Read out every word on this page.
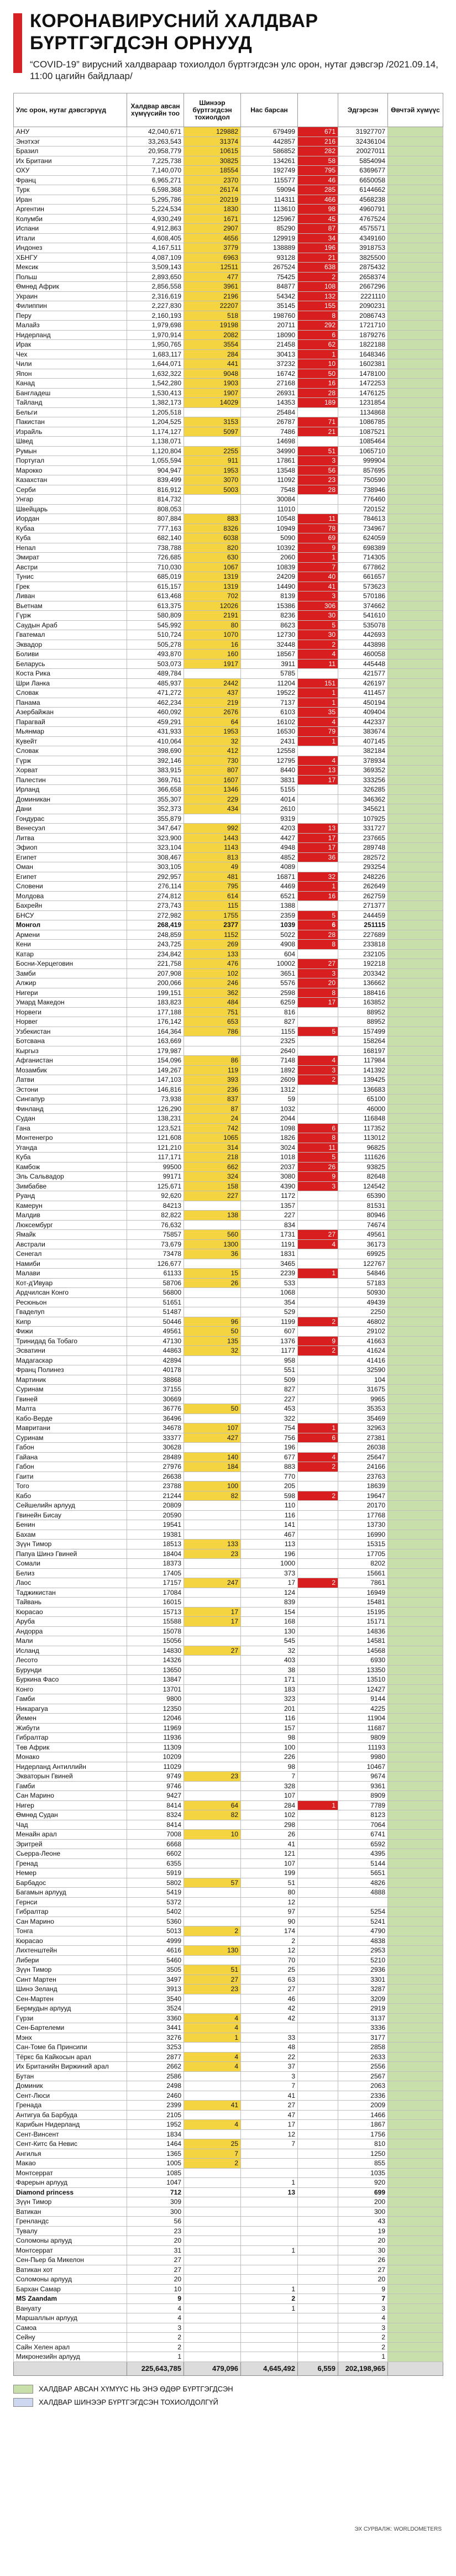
КОРОНАВИРУСНИЙ ХАЛДВАР
БҮРТГЭГДСЭН ОРНУУД
“COVID-19” вирусний халдвараар тохиолдол бүртгэгдсэн улс орон, нутаг дэвсгэр /2021.09.14, 11:00 цагийн байдлаар/
Улс орон, нутаг дэвсгэрүүд	Халдвар авсан хүмүүсийн тоо	Шинээр бүртгэгдсэн тохиолдол	Нас барсан	Шинээр нас барсан	Эдгэрсэн	Өвчтэй хүмүүс
АНУ	42,040,671	129882	679499	671	31927707	
Энэтхэг	33,263,543	31374	442857	216	32436104	
Бразил	20,958,779	10615	586852	282	20027011	
Их Британи	7,225,738	30825	134261	58	5854094	
ОХУ	7,140,070	18554	192749	795	6369677	
Франц	6,965,271	2370	115577	46	6650058	
Турк	6,598,368	26174	59094	285	6144662	
Иран	5,295,786	20219	114311	466	4568238	
Аргентин	5,224,534	1830	113610	98	4960791	
Колумби	4,930,249	1671	125967	45	4767524	
Испани	4,912,863	2907	85290	87	4575571	
Итали	4,608,405	4656	129919	34	4349160	
Индонез	4,167,511	3779	138889	196	3918753	
ХБНГУ	4,087,109	6963	93128	21	3825500	
Мексик	3,509,143	12511	267524	638	2875432	
Польш	2,893,650	477	75425	2	2658374	
Өмнөд Африк	2,856,558	3961	84877	108	2667296	
Украин	2,316,619	2196	54342	132	2221110	
Филиппин	2,227,830	22207	35145	155	2090231	
Перу	2,160,193	518	198760	8	2086743	
Малайз	1,979,698	19198	20711	292	1721710	
Нидерланд	1,970,914	2082	18090	6	1879276	
Ирак	1,950,765	3554	21458	62	1822188	
Чех	1,683,117	284	30413	1	1648346	
Чили	1,644,071	441	37232	10	1602381	
Япон	1,632,322	9048	16742	50	1478100	
Канад	1,542,280	1903	27168	16	1472253	
Бангладеш	1,530,413	1907	26931	28	1476125	
Тайланд	1,382,173	14029	14353	189	1231854	
Бельги	1,205,518		25484		1134868	
Пакистан	1,204,525	3153	26787	71	1086785	
Израйль	1,174,127	5097	7486	21	1087521	
Швед	1,138,071		14698		1085464	
Румын	1,120,804	2255	34990	51	1065710	
Португал	1,055,594	911	17861	3	999904	
Марокко	904,947	1953	13548	56	857695	
Казахстан	839,499	3070	11092	23	750590	
Серби	816,912	5003	7548	28	738946	
Унгар	814,732		30084		776460	
Швейцарь	808,053		11010		720152	
Иордан	807,884	883	10548	11	784613	
Кубаа	777,163	8326	10949	78	734967	
Куба	682,140	6038	5090	69	624059	
Непал	738,788	820	10392	9	698389	
Эмират	726,685	630	2060	1	714305	
Австри	710,030	1067	10839	7	677862	
Тунис	685,019	1319	24209	40	661657	
Грек	615,157	1319	14490	41	573623	
Ливан	613,468	702	8139	3	570186	
Вьетнам	613,375	12026	15386	306	374662	
Гүрж	580,809	2191	8236	30	541610	
Саудын Араб	545,992	80	8623	5	535078	
Гватемал	510,724	1070	12730	30	442693	
Эквадор	505,278	16	32448	2	443898	
Боливи	493,870	160	18567	4	460058	
Беларусь	503,073	1917	3911	11	445448	
Коста Рика	489,784		5785		421577	
Шри Ланка	485,937	2442	11204	151	426197	
Словак	471,272	437	19522	1	411457	
Панама	462,234	219	7137	1	450194	
Азербайжан	460,092	2676	6103	35	409404	
Парагвай	459,291	64	16102	4	442337	
Мьянмар	431,933	1953	16530	79	383674	
Кувейт	410,064	32	2431	1	407145	
Словак	398,690	412	12558		382184	
Гүрж	392,146	730	12795	4	378934	
Хорват	383,915	807	8440	13	369352	
Палестин	369,761	1607	3831	17	333256	
Ирланд	366,658	1346	5155		326285	
Доминикан	355,307	229	4014		346362	
Дани	352,373	434	2610		345621	
Гондурас	355,879		9319		107925	
Венесуэл	347,647	992	4203	13	331727	
Литва	323,900	1443	4427	17	237665	
Эфиоп	323,104	1143	4948	17	289748	
Египет	308,467	813	4852	36	282572	
Оман	303,105	49	4089		293254	
Египет	292,957	481	16871	32	248226	
Словени	276,114	795	4469	1	262649	
Молдова	274,812	614	6521	16	262759	
Бахрейн	273,743	115	1388		271377	
БНСУ	272,982	1755	2359	5	244459	
Монгол	268,419	2377	1039	6	251115	
Армени	248,859	1152	5022	28	227689	
Кени	243,725	269	4908	8	233818	
Катар	234,842	133	604		232105	
Босни-Херцеговин	221,758	476	10002	27	192218	
Замби	207,908	102	3651	3	203342	
Алжир	200,066	246	5576	20	136662	
Нигери	199,151	362	2598	8	188416	
Умард Македон	183,823	484	6259	17	163852	
Норвеги	177,188	751	816		88952	
Норвег	176,142	653	827		88952	
Узбекистан	164,364	786	1155	5	157499	
Ботсвана	163,669		2325		158264	
Кыргыз	179,987		2640		168197	
Афганистан	154,096	86	7148	4	117984	
Мозамбик	149,267	119	1892	3	141392	
Латви	147,103	393	2609	2	139425	
Эстони	146,816	236	1312		136683	
Сингапур	73,938	837	59		65100	
Финланд	126,290	87	1032		46000	
Судан	138,231	24	2044		116848	
Гана	123,521	742	1098	6	117352	
Монтенегро	121,608	1065	1826	8	113012	
Уганда	121,210	314	3024	11	96825	
Куба	117,171	218	1018	5	111626	
Камбож	99500	662	2037	26	93825	
Эль Сальвадор	99171	324	3080	9	82648	
Зимбабве	125,671	158	4390	3	124542	
Руанд	92,620	227	1172		65390	
Камерун	84213		1357		81531	
Малдив	82,822	138	227		80946	
Люксембург	76,632		834		74674	
Ямайк	75857	560	1731	27	49561	
Австрали	73,679	1300	1191	4	36173	
Сенегал	73478	36	1831		69925	
Намиби	126,677		3465		122767	
Малави	61133	15	2239	1	54846	
Кот-д'Ивуар	58706	26	533		57183	
Ардчилсан Конго	56800		1068		50930	
Ресюньон	51651		354		49439	
Гваделуп	51487		529		2250	
Кипр	50446	96	1199	2	46802	
Фижи	49561	50	607		29102	
Тринидад ба Тобаго	47130	135	1376	9	41663	
Эсватини	44863	32	1177	2	41624	
Мадагаскар	42894		958		41416	
Франц Полинез	40178		551		32590	
Мартиник	38868		509		104	
Суринам	37155		827		31675	
Гвиней	30669		227		9965	
Малта	36776	50	453		35353	
Кабо-Верде	36496		322		35469	
Мавритани	34678	107	754	1	32963	
Суринам	33377	427	756	6	27381	
Габон	30628		196		26038	
Гайана	28489	140	677	4	25647	
Габон	27976	184	883	2	24166	
Гаити	26638		770		23763	
Того	23788	100	205		18639	
Кабо	21244	82	598	2	19647	
Сейшелийн арлууд	20809		110		20170	
Гвинейн Бисау	20590		116		17768	
Бенин	19541		141		13730	
Бахам	19381		467		16990	
Зүүн Тимор	18513	133	113		15315	
Папуа Шинэ Гвиней	18404	23	196		17705	
Сомали	18373		1000		8202	
Белиз	17405		373		15661	
Лаос	17157	247	17	2	7861	
Таджикистан	17084		124		16949	
Тайвань	16015		839		15481	
Кюрасао	15713	17	154		15195	
Аруба	15588	17	168		15171	
Андорра	15078		130		14836	
Мали	15056		545		14581	
Исланд	14830	27	32		14568	
Лесото	14326		403		6930	
Бурунди	13650		38		13350	
Буркина Фасо	13847		171		13510	
Конго	13701		183		12427	
Гамби	9800		323		9144	
Никарагуа	12350		201		4225	
Йемен	12046		116		11904	
Жибути	11969		157		11687	
Гибралтар	11936		98		9809	
Төв Африк	11309		100		11193	
Монако	10209		226		9980	
Нидерланд Антиллийн	11029		98		10467	
Экваторын Гвиней	9749	23	7		9674	
Гамби	9746		328		9361	
Сан Марино	9427		107		8909	
Нигер	8414	64	284	1	7789	
Өмнөд Судан	8324	82	102		8123	
Чад	8414		298		7064	
Менайн арал	7008	10	26		6741	
Эритрей	6668		41		6592	
Сьерра-Леоне	6602		121		4395	
Гренад	6355		107		5144	
Немер	5919		199		5651	
Барбадос	5802	57	51		4826	
Багамын арлууд	5419		80		4888	
Гернси	5372		12			
Гибралтар	5402		97		5254	
Сан Марино	5360		90		5241	
Тонга	5013	2	174		4790	
Кюрасао	4999		2		4838	
Лихтенштейн	4616	130	12		2953	
Либери	5460		70		5210	
Зүүн Тимор	3505	51	25		2936	
Синт Мартен	3497	27	63		3301	
Шинэ Зеланд	3913	23	27		3287	
Сен-Мартен	3540		46		3209	
Бермудын арлууд	3524		42		2919	
Гүрзи	3360	4	42		3137	
Сен-Бартелеми	3441	4			3336	
Мэнх	3276	1	33		3177	
Сан-Томе ба Принсипи	3253		48		2858	
Тёркс ба Кайкосын арал	2877	4	22		2633	
Их Британийн Виржиний арал	2662	4	37		2556	
Бутан	2586		3		2567	
Доминик	2498		7		2063	
Сент-Люси	2460		41		2336	
Гренада	2399	41	27		2009	
Антигуа ба Барбуда	2105		47		1466	
Карибын Нидерланд	1952	4	17		1867	
Сент-Винсент	1834		12		1756	
Сент-Китс ба Невис	1464	25	7		810	
Ангилья	1365	7			1250	
Макао	1005	2			855	
Монтсеррат	1085				1035	
Фарерын арлууд	1047		1		920	
Diamond princess	712		13		699	
Зүүн Тимор	309				200	
Ватикан	300				300	
Гренландс	56				43	
Тувалу	23				19	
Соломоны арлууд	20				20	
Монтсеррат	31		1		30	
Сен-Пьер ба Микелон	27				26	
Ватикан хот	27				27	
Соломоны арлууд	20				20	
Бархан Самар	10		1		9	
MS Zaandam	9		2		7	
Вануату	4		1		3	
Маршаллын арлууд	4				4	
Самоа	3				3	
Сейну	2				2	
Сайн Хелен арал	2				2	
Микронезийн арлууд	1				1	
	225,643,785	479,096	4,645,492	6,559	202,198,965	
ХАЛДВАР АВСАН ХҮМҮҮС НЬ ЭНЭ ӨДӨР БҮРТГЭГДСЭН
ХАЛДВАР ШИНЭЭР БҮРТГЭГДСЭН ТОХИОЛДОЛГҮЙ
ЭХ СУРВАЛЖ: WORLDOMETERS
